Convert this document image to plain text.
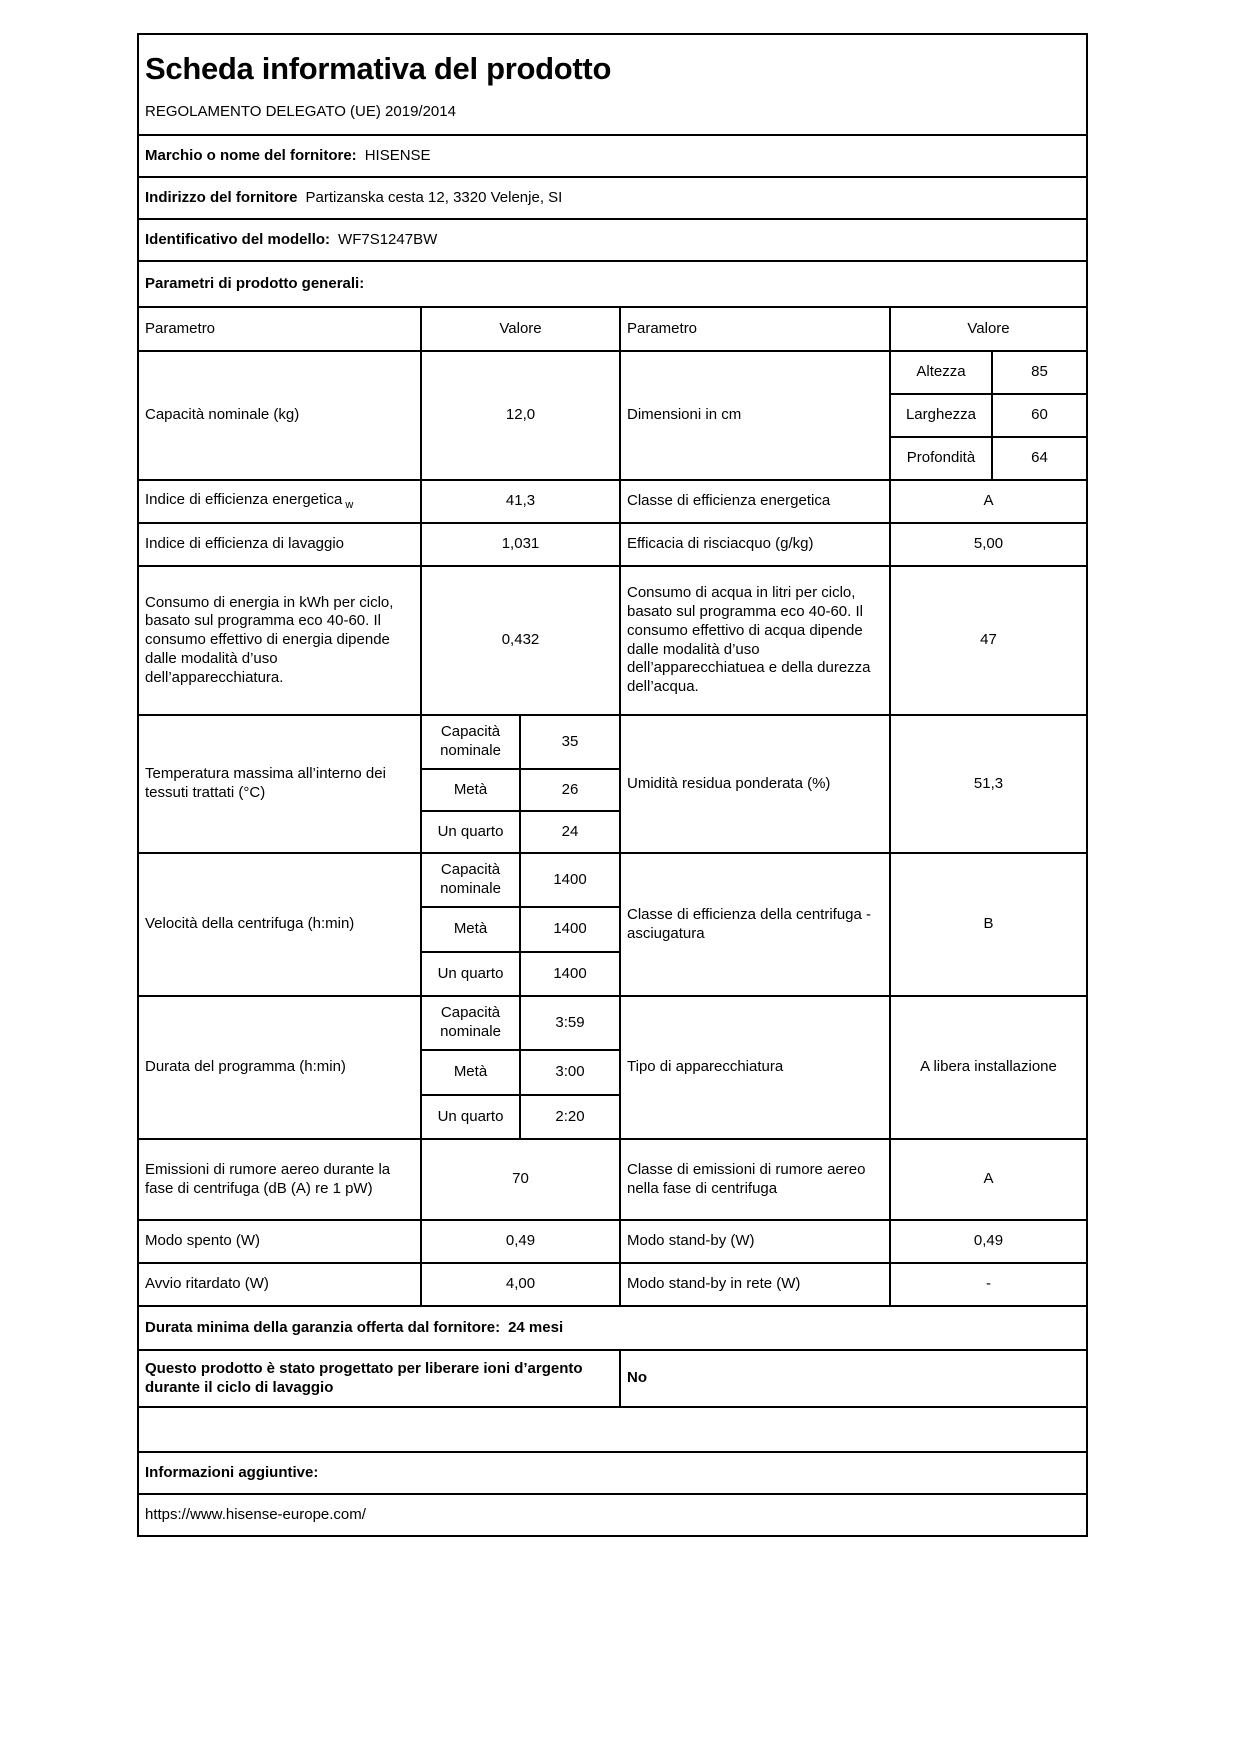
Scheda informativa del prodotto
REGOLAMENTO DELEGATO (UE) 2019/2014					

Marchio o nome del fornitore: HISENSE					
Indirizzo del fornitore Partizanska cesta 12, 3320 Velenje, SI					
Identificativo del modello: WF7S1247BW					
Parametri di prodotto generali:					
Parametro	Valore		Parametro	Valore	
Capacità nominale (kg)	12,0		Dimensioni in cm	Altezza	85
				Larghezza	60
				Profondità	64
Indice di efficienza energetica $_w$	41,3		Classe di efficienza energetica	A	
Indice di efficienza di lavaggio	1,031		Efficacia di risciacquo (g/kg)	5,00	
Consumo di energia in kWh per ciclo, basato sul programma eco 40-60. Il consumo effettivo di energia dipende dalle modalità d’uso dell’apparecchiatura.	0,432		Consumo di acqua in litri per ciclo, basato sul programma eco 40-60. Il consumo effettivo di acqua dipende dalle modalità d’uso dell’apparecchiatuea e della durezza dell’acqua.	47	
Temperatura massima all’interno dei tessuti trattati (°C)	Capacità nominale	35	Umidità residua ponderata (%)	51,3	
	Metà	26			
	Un quarto	24			
Velocità della centrifuga (h:min)	Capacità nominale	1400	Classe di efficienza della centrifuga -asciugatura	B	
	Metà	1400			
	Un quarto	1400			
Durata del programma (h:min)	Capacità nominale	3:59	Tipo di apparecchiatura	A libera installazione	
	Metà	3:00			
	Un quarto	2:20			
Emissioni di rumore aereo durante la fase di centrifuga (dB (A) re 1 pW)	70		Classe di emissioni di rumore aereo nella fase di centrifuga	A	
Modo spento (W)	0,49		Modo stand-by (W)	0,49	
Avvio ritardato (W)	4,00		Modo stand-by in rete (W)	-	
Durata minima della garanzia offerta dal fornitore: 24 mesi					
Questo prodotto è stato progettato per liberare ioni d’argento durante il ciclo di lavaggio			No		

Informazioni aggiuntive:					
https://www.hisense-europe.com/					
